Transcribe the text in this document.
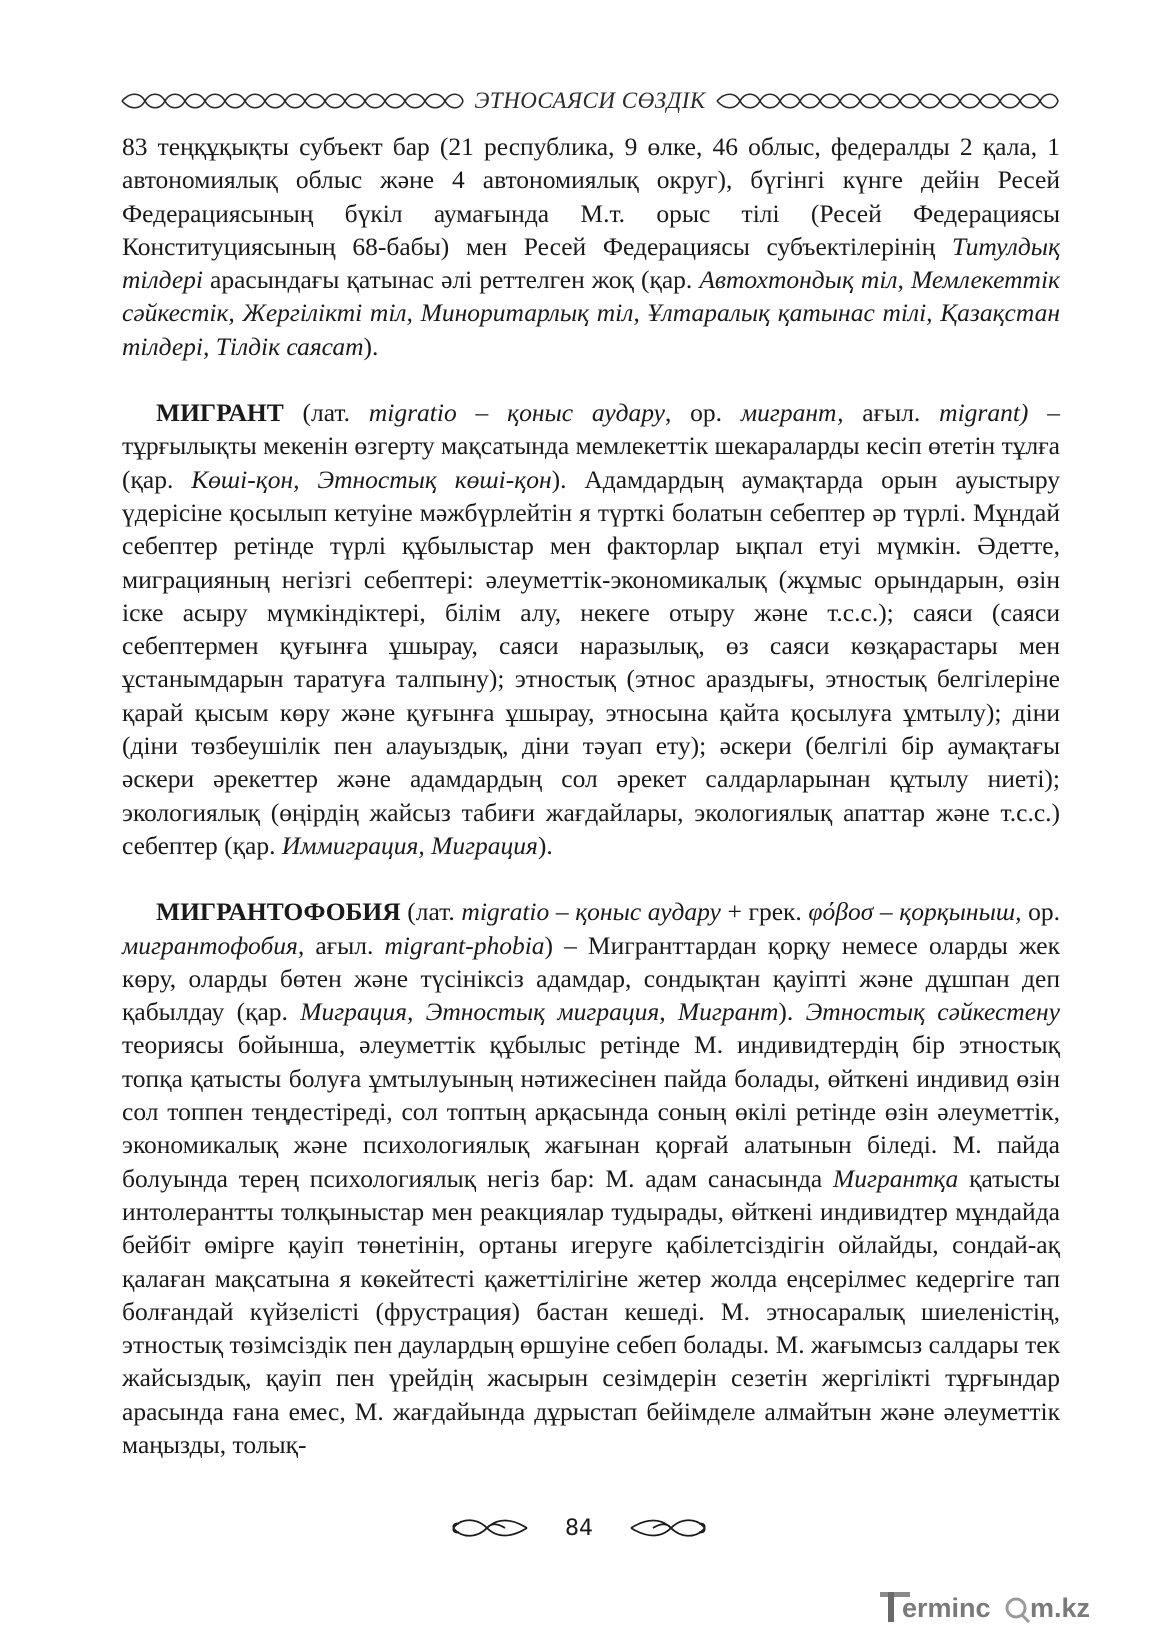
ЭТНОСАЯСИ СӨЗДІК

83 теңқұқықты субъект бар (21 республика, 9 өлке, 46 облыс, федералды 2 қала, 1 автономиялық облыс және 4 автономиялық округ), бүгінгі күнге дейін Ресей Федерациясының бүкіл аумағында М.т. орыс тілі (Ресей Федерациясы Конституциясының 68-бабы) мен Ресей Федерациясы субъектілерінің Титулдық тілдері арасындағы қатынас әлі реттелген жоқ (қар. Автохтондық тіл, Мемлекеттік сәйкестік, Жергілікті тіл, Миноритарлық тіл, Ұлтаралық қатынас тілі, Қазақстан тілдері, Тілдік саясат).

МИГРАНТ (лат. migratio – қоныс аудару, ор. мигрант, ағыл. migrant) – тұрғылықты мекенін өзгерту мақсатында мемлекеттік шекараларды кесіп өтетін тұлға (қар. Көші-қон, Этностық көші-қон). Адамдардың аумақтарда орын ауыстыру үдерісіне қосылып кетуіне мәжбүрлейтін я түрткі болатын себептер әр түрлі. Мұндай себептер ретінде түрлі құбылыстар мен факторлар ықпал етуі мүмкін. Әдетте, миграцияның негізгі себептері: әлеуметтік-экономикалық (жұмыс орындарын, өзін іске асыру мүмкіндіктері, білім алу, некеге отыру және т.с.с.); саяси (саяси себептермен қуғынға ұшырау, саяси наразылық, өз саяси көзқарастары мен ұстанымдарын таратуға талпыну); этностық (этнос араздығы, этностық белгілеріне қарай қысым көру және қуғынға ұшырау, этносына қайта қосылуға ұмтылу); діни (діни төзбеушілік пен алауыздық, діни тәуап ету); әскери (белгілі бір аумақтағы әскери әрекеттер және адамдардың сол әрекет салдарларынан құтылу ниеті); экологиялық (өңірдің жайсыз табиғи жағдайлары, экологиялық апаттар және т.с.с.) себептер (қар. Иммиграция, Миграция).

МИГРАНТОФОБИЯ (лат. migratio – қоныс аудару + грек. φόβοσ – қорқыныш, ор. мигрантофобия, ағыл. migrant-phobia) – Мигранттардан қорқу немесе оларды жек көру, оларды бөтен және түсініксіз адамдар, сондықтан қауіпті және дұшпан деп қабылдау (қар. Миграция, Этностық миграция, Мигрант). Этностық сәйкестену теориясы бойынша, әлеуметтік құбылыс ретінде М. индивидтердің бір этностық топқа қатысты болуға ұмтылуының нәтижесінен пайда болады, өйткені индивид өзін сол топпен теңдестіреді, сол топтың арқасында соның өкілі ретінде өзін әлеуметтік, экономикалық және психологиялық жағынан қорғай алатынын біледі. М. пайда болуында терең психологиялық негіз бар: М. адам санасында Мигрантқа қатысты интолерантты толқыныстар мен реакциялар тудырады, өйткені индивидтер мұндайда бейбіт өмірге қауіп төнетінін, ортаны игеруге қабілетсіздігін ойлайды, сондай-ақ қалаған мақсатына я көкейтесті қажеттілігіне жетер жолда еңсерілмес кедергіге тап болғандай күйзелісті (фрустрация) бастан кешеді. М. этносаралық шиеленістің, этностық төзімсіздік пен даулардың өршуіне себеп болады. М. жағымсыз салдары тек жайсыздық, қауіп пен үрейдің жасырын сезімдерін сезетін жергілікті тұрғындар арасында ғана емес, М. жағдайында дұрыстап бейімделе алмайтын және әлеуметтік маңызды, толық-

84
erminc m.kz
